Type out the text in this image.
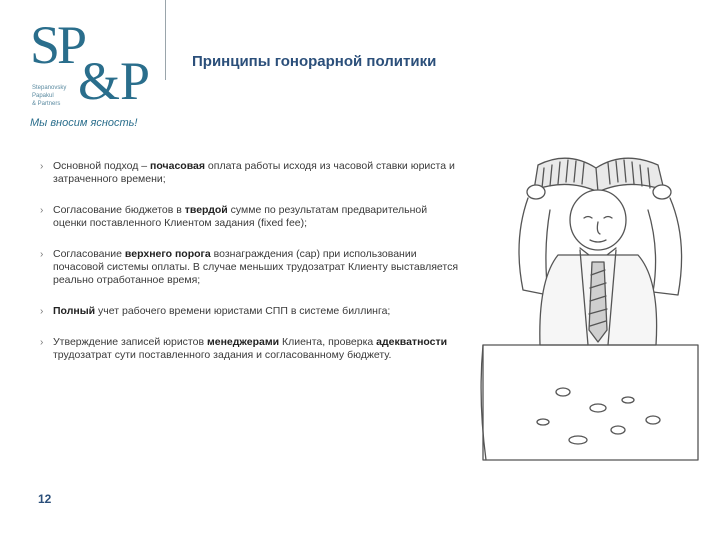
SP
&P
Stepanovsky
Papakul
& Partners
Принципы гонорарной политики
Мы вносим ясность!
› Основной подход – почасовая оплата работы исходя из часовой ставки юриста и затраченного времени;
› Согласование бюджетов в твердой сумме по результатам предварительной оценки поставленного Клиентом задания (fixed fee);
› Согласование верхнего порога вознаграждения (cap) при использовании почасовой системы оплаты. В случае меньших трудозатрат Клиенту выставляется реально отработанное время;
› Полный учет рабочего времени юристами СПП в системе биллинга;
› Утверждение записей юристов менеджерами Клиента, проверка адекватности трудозатрат сути поставленного задания и согласованному бюджету.
12
